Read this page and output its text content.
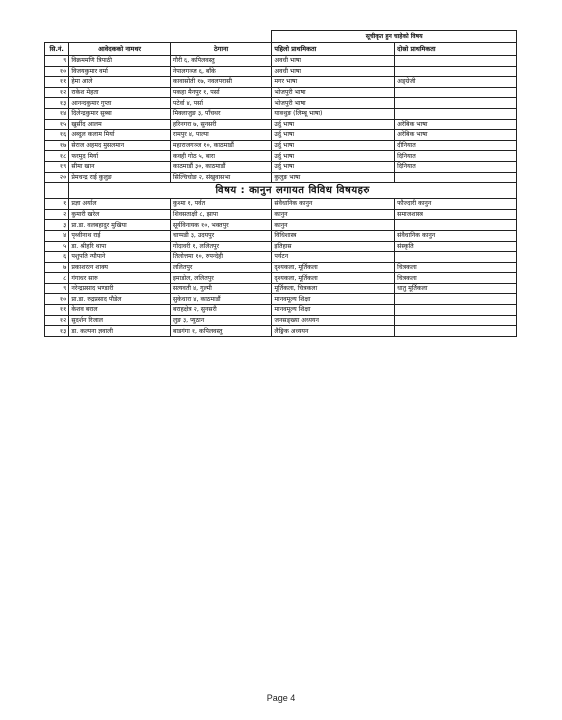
			सूचीकृत हुन चाहेको विषय	
सि.नं.	आवेदकको नामथर	ठेगाना	पहिलो प्राथमिकता	दोस्रो प्राथमिकता
९	विक्रममणि त्रिपाठी	गौरी ६, कपिलवस्तु	अवधी भाषा	
१०	विजयकुमार वर्मा	नेपालगञ्ज ६, बाँके	अवधी भाषा	
११	हेमा आले	कावासोती १७, नवलपरासी	मगर भाषा	अङ्ग्रेजी
१२	राकेश मेहता	पकहा मैनपुर १, पर्सा	भोजपुरी भाषा	
१३	आनन्दकुमार गुप्ता	पटेर्वा ४, पर्सा	भोजपुरी भाषा	
१४	दिलेन्द्रकुमार सुब्बा	मिक्लाजुङ ३, पाँचथर	याक्थुङ (लिम्बू भाषा)	
१५	खुर्सीद आलम	हरिनगरा ७, सुनसरी	उर्दु भाषा	अरेबिक भाषा
१६	अब्दुल कलाम मिर्या	रामपुर ४, पाल्पा	उर्दु भाषा	अरेबिक भाषा
१७	सेराज अहमद मुसलमान	महाराजगञ्ज १०, काठमाडौं	उर्दु भाषा	दीनियात
१८	फरमुद मिर्या	कवही गोठ ५, बारा	उर्दु भाषा	दिनियात
१९	सीमा खान	काठमाडौं ३०, काठमाडौं	उर्दु भाषा	दिनियात
२०	प्रेमचन्द्र राई कुलुङ	सिल्चिचोङ २, संखुवासभा	कुलुङ भाषा	
	विषय : कानुन लगायत विविध विषयहरु			
१	प्रज्ञा अर्याल	कुश्मा १, पर्वत	संवैधानिक कानुन	फौज्दारी कानुन
२	कुमारी खरेल	शिवसताक्षी ८, झापा	कानुन	समाजशास्त्र
३	प्रा.डा. वलबहादुर मुखिया	सूर्यविनायक १०, भक्तपुर	कानुन	
४	पृथ्वीनाथ राई	चाप्पडी ३, उदयपुर	विधिशास्त्र	संवैधानिक कानुन
५	डा. श्रीहरि थापा	गोदावरी १, ललितपुर	इतिहास	संस्कृति
६	पशुपति न्यौपाने	तिलोत्तमा १०, रुपन्देही	पर्यटन	
७	प्रकाशरत्न शाक्य	ललितपुर	दृश्यकला, मूर्तिकला	चित्रकला
८	गंगाधर सारु	इमाडोल, ललितपुर	दृश्यकला, मूर्तिकला	चित्रकला
९	नरेन्द्रप्रसाद भण्डारी	सत्यवती ४, गुल्मी	मूर्तिकला, चित्रकला	धातु मूर्तिकला
१०	प्रा.डा. रुद्रप्रसाद पौडेल	सुकेधारा ४, काठमाडौं	मानवमूल्य शिक्षा	
११	केशव बराल	बराहक्षेत्र २, सुनसरी	मानवमूल्य शिक्षा	
१२	सुदर्शन रिजाल	लुङ ३, प्युठान	जनसङ्ख्या अध्ययन	
१३	डा. कल्पना ज्ञवाली	बाडगंगा १, कपिलवस्तु	लैङ्गिक अध्ययन	
Page 4
